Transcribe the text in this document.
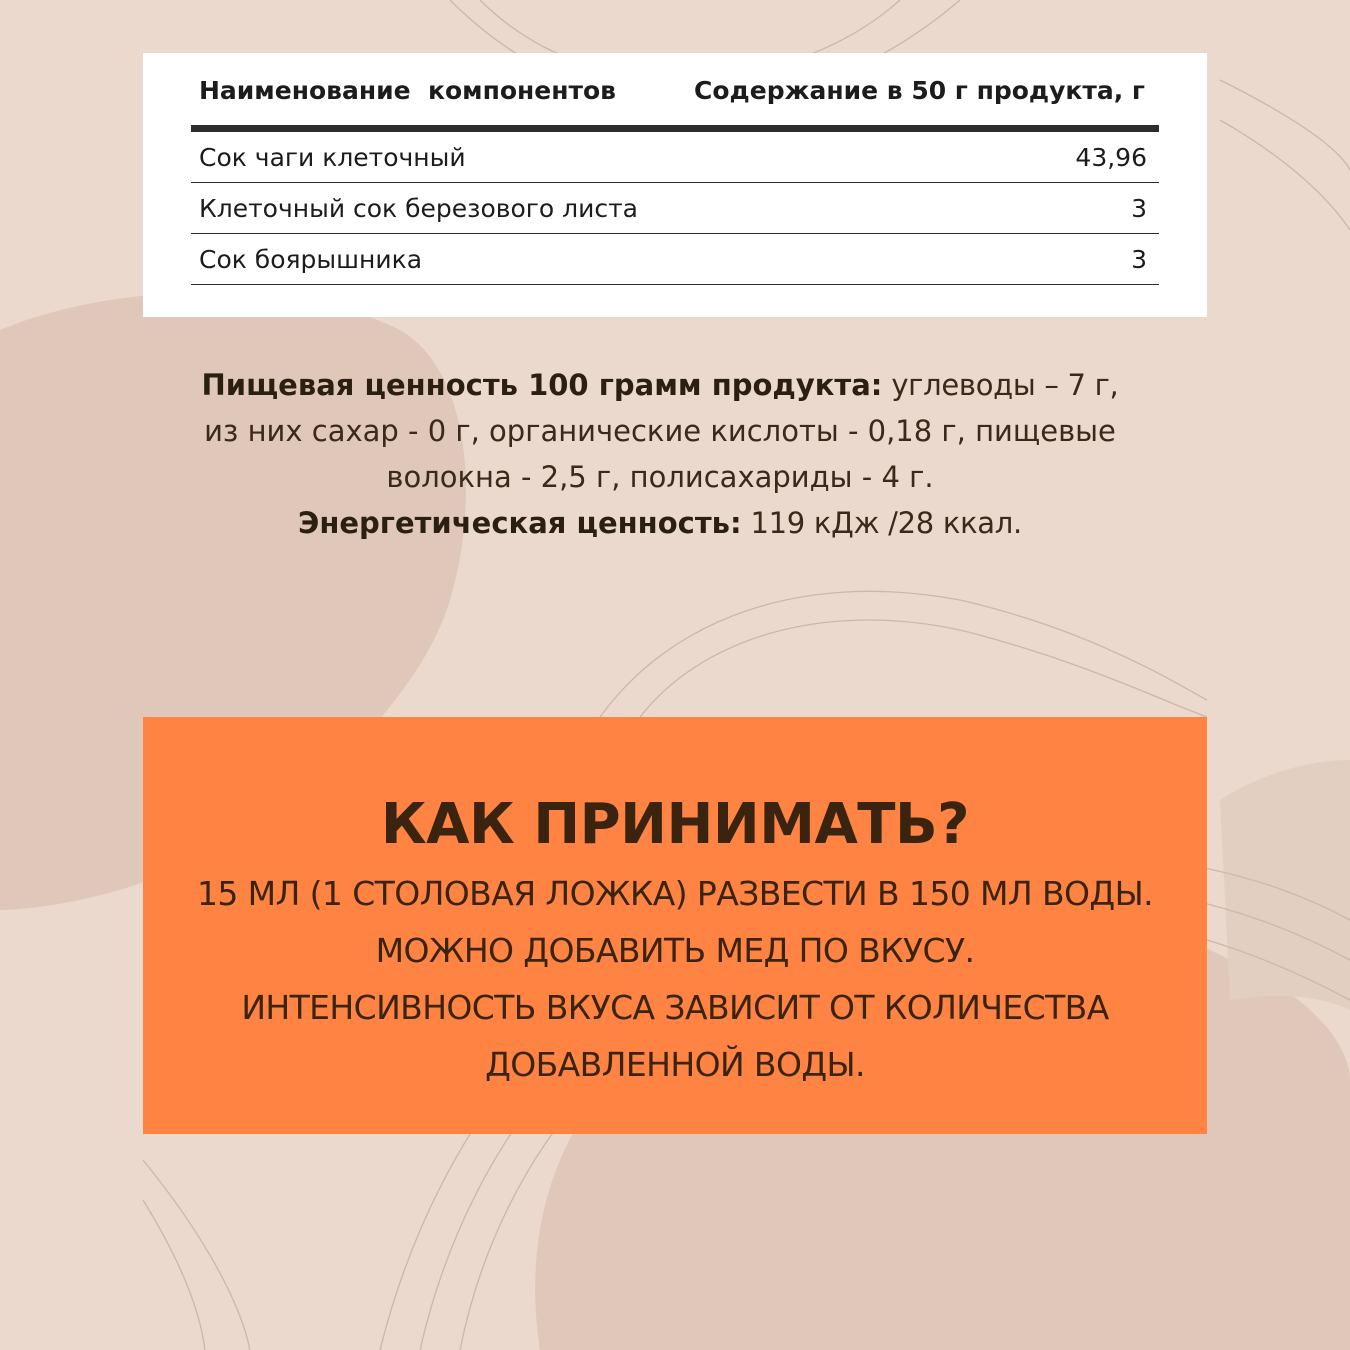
Наименование  компонентов	Содержание в 50 г продукта, г
Сок чаги клеточный	43,96
Клеточный сок березового листа	3
Сок боярышника	3
Пищевая ценность 100 грамм продукта: углеводы – 7 г,
из них сахар - 0 г, органические кислоты - 0,18 г, пищевые
волокна - 2,5 г, полисахариды - 4 г.
Энергетическая ценность: 119 кДж /28 ккал.
КАК ПРИНИМАТЬ?
15 МЛ (1 СТОЛОВАЯ ЛОЖКА) РАЗВЕСТИ В 150 МЛ ВОДЫ.
МОЖНО ДОБАВИТЬ МЕД ПО ВКУСУ.
ИНТЕНСИВНОСТЬ ВКУСА ЗАВИСИТ ОТ КОЛИЧЕСТВА
ДОБАВЛЕННОЙ ВОДЫ.
